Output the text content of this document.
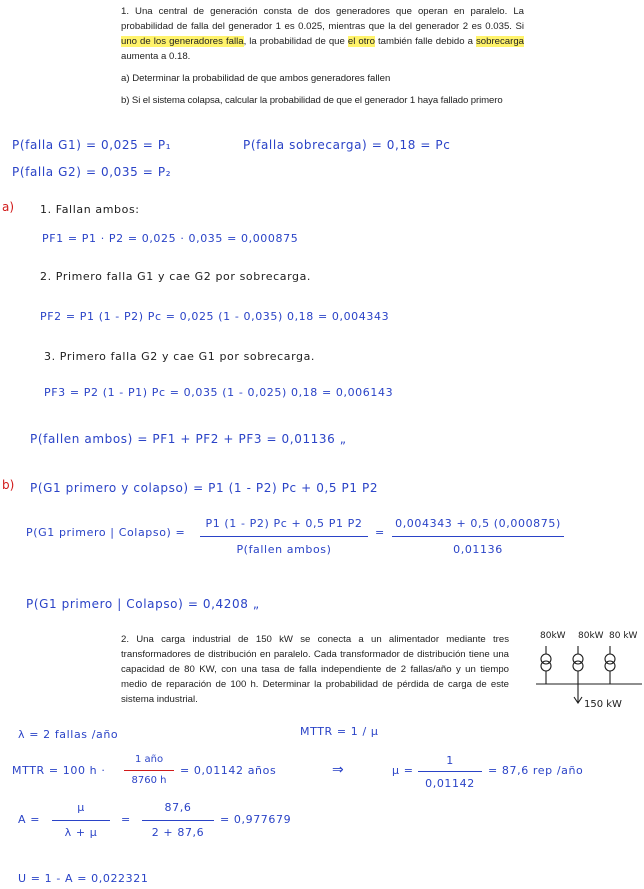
1. Una central de generación consta de dos generadores que operan en paralelo. La probabilidad de falla del generador 1 es 0.025, mientras que la del generador 2 es 0.035. Si uno de los generadores falla, la probabilidad de que el otro también falle debido a sobrecarga aumenta a 0.18.

a) Determinar la probabilidad de que ambos generadores fallen

b) Si el sistema colapsa, calcular la probabilidad de que el generador 1 haya fallado primero

P(falla G1) = 0,025 = P₁	P(falla sobrecarga) = 0,18 = Pc
P(falla G2) = 0,035 = P₂
a) 1. Fallan ambos:
PF1 = P1 · P2 = 0,025 · 0,035 = 0,000875
2. Primero falla G1 y cae G2 por sobrecarga.
PF2 = P1 (1 - P2) Pc = 0,025 (1 - 0,035) 0,18 = 0,004343
3. Primero falla G2 y cae G1 por sobrecarga.
PF3 = P2 (1 - P1) Pc = 0,035 (1 - 0,025) 0,18 = 0,006143
P(fallen ambos) = PF1 + PF2 + PF3 = 0,01136 „
b) P(G1 primero y colapso) = P1 (1 - P2) Pc + 0,5 P1 P2
P(G1 primero | Colapso) =
P1 (1 - P2) Pc + 0,5 P1 P2
P(fallen ambos)
=
0,004343 + 0,5 (0,000875)
0,01136
P(G1 primero | Colapso) = 0,4208 „

2. Una carga industrial de 150 kW se conecta a un alimentador mediante tres transformadores de distribución en paralelo. Cada transformador de distribución tiene una capacidad de 80 KW, con una tasa de falla independiente de 2 fallas/año y un tiempo medio de reparación de 100 h. Determinar la probabilidad de pérdida de carga de este sistema industrial.

80kW 80kW 80 kW
150 kW
λ = 2 fallas /año	MTTR = 1 / μ
MTTR = 100 h ·
1 año
8760 h
= 0,01142 años	⇒	μ =
1
0,01142
= 87,6 rep /año
A =
μ
λ + μ
=
87,6
2 + 87,6
= 0,977679
U = 1 - A = 0,022321
